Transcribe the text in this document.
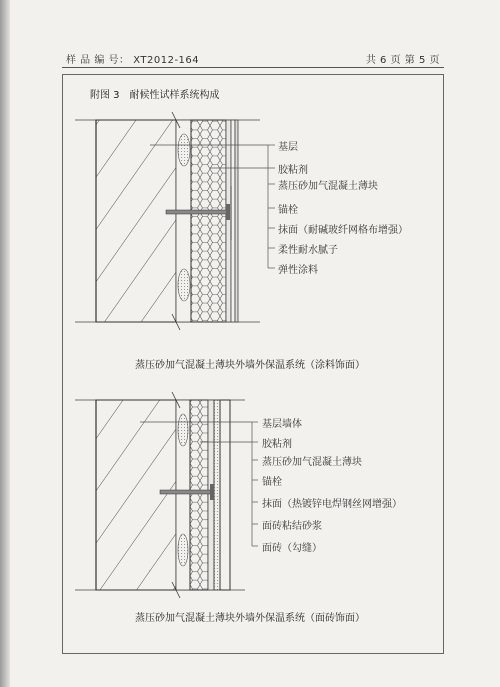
样 品 编 号： XT2012-164	共 6 页 第 5 页
附图 3　耐候性试样系统构成
基层
胶粘剂
蒸压砂加气混凝土薄块
锚栓
抹面（耐碱玻纤网格布增强）
柔性耐水腻子
弹性涂料
蒸压砂加气混凝土薄块外墙外保温系统（涂料饰面）
基层墙体
胶粘剂
蒸压砂加气混凝土薄块
锚栓
抹面（热镀锌电焊钢丝网增强）
面砖粘结砂浆
面砖（勾缝）
蒸压砂加气混凝土薄块外墙外保温系统（面砖饰面）
